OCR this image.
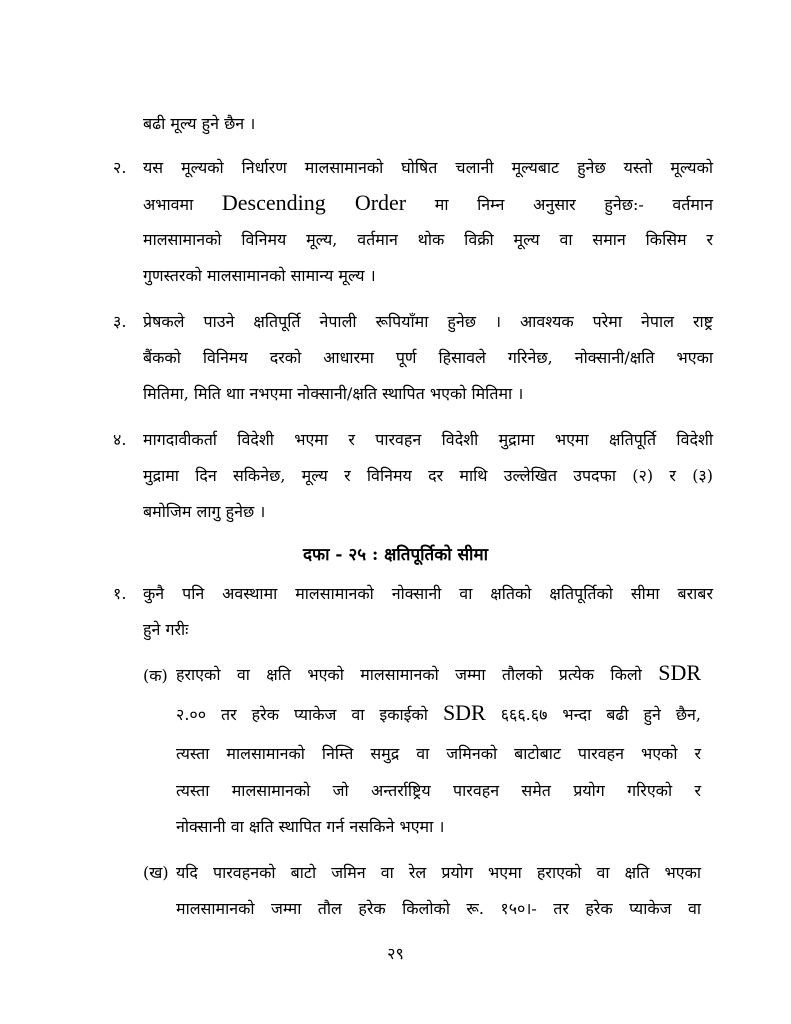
बढी मूल्य हुने छैन ।
२. यस मूल्यको निर्धारण मालसामानको घोषित चलानी मूल्यबाट हुनेछ यस्तो मूल्यको
अभावमा Descending Order मा निम्न अनुसार हुनेछ:- वर्तमान
मालसामानको विनिमय मूल्य, वर्तमान थोक विक्री मूल्य वा समान किसिम र
गुणस्तरको मालसामानको सामान्य मूल्य ।
३. प्रेषकले पाउने क्षतिपूर्ति नेपाली रूपियाँमा हुनेछ । आवश्यक परेमा नेपाल राष्ट्र
बैंकको विनिमय दरको आधारमा पूर्ण हिसावले गरिनेछ, नोक्सानी/क्षति भएका
मितिमा, मिति थाा नभएमा नोक्सानी/क्षति स्थापित भएको मितिमा ।
४. मागदावीकर्ता विदेशी भएमा र पारवहन विदेशी मुद्रामा भएमा क्षतिपूर्ति विदेशी
मुद्रामा दिन सकिनेछ, मूल्य र विनिमय दर माथि उल्लेखित उपदफा (२) र (३)
बमोजिम लागु हुनेछ ।
दफा - २५ : क्षतिपूर्तिको सीमा
१. कुनै पनि अवस्थामा मालसामानको नोक्सानी वा क्षतिको क्षतिपूर्तिको सीमा बराबर
हुने गरीः
(क) हराएको वा क्षति भएको मालसामानको जम्मा तौलको प्रत्येक किलो SDR
२.०० तर हरेक प्याकेज वा इकाईको SDR ६६६.६७ भन्दा बढी हुने छैन,
त्यस्ता मालसामानको निम्ति समुद्र वा जमिनको बाटोबाट पारवहन भएको र
त्यस्ता मालसामानको जो अन्तर्राष्ट्रिय पारवहन समेत प्रयोग गरिएको र
नोक्सानी वा क्षति स्थापित गर्न नसकिने भएमा ।
(ख) यदि पारवहनको बाटो जमिन वा रेल प्रयोग भएमा हराएको वा क्षति भएका
मालसामानको जम्मा तौल हरेक किलोको रू. १५०।- तर हरेक प्याकेज वा
२९
